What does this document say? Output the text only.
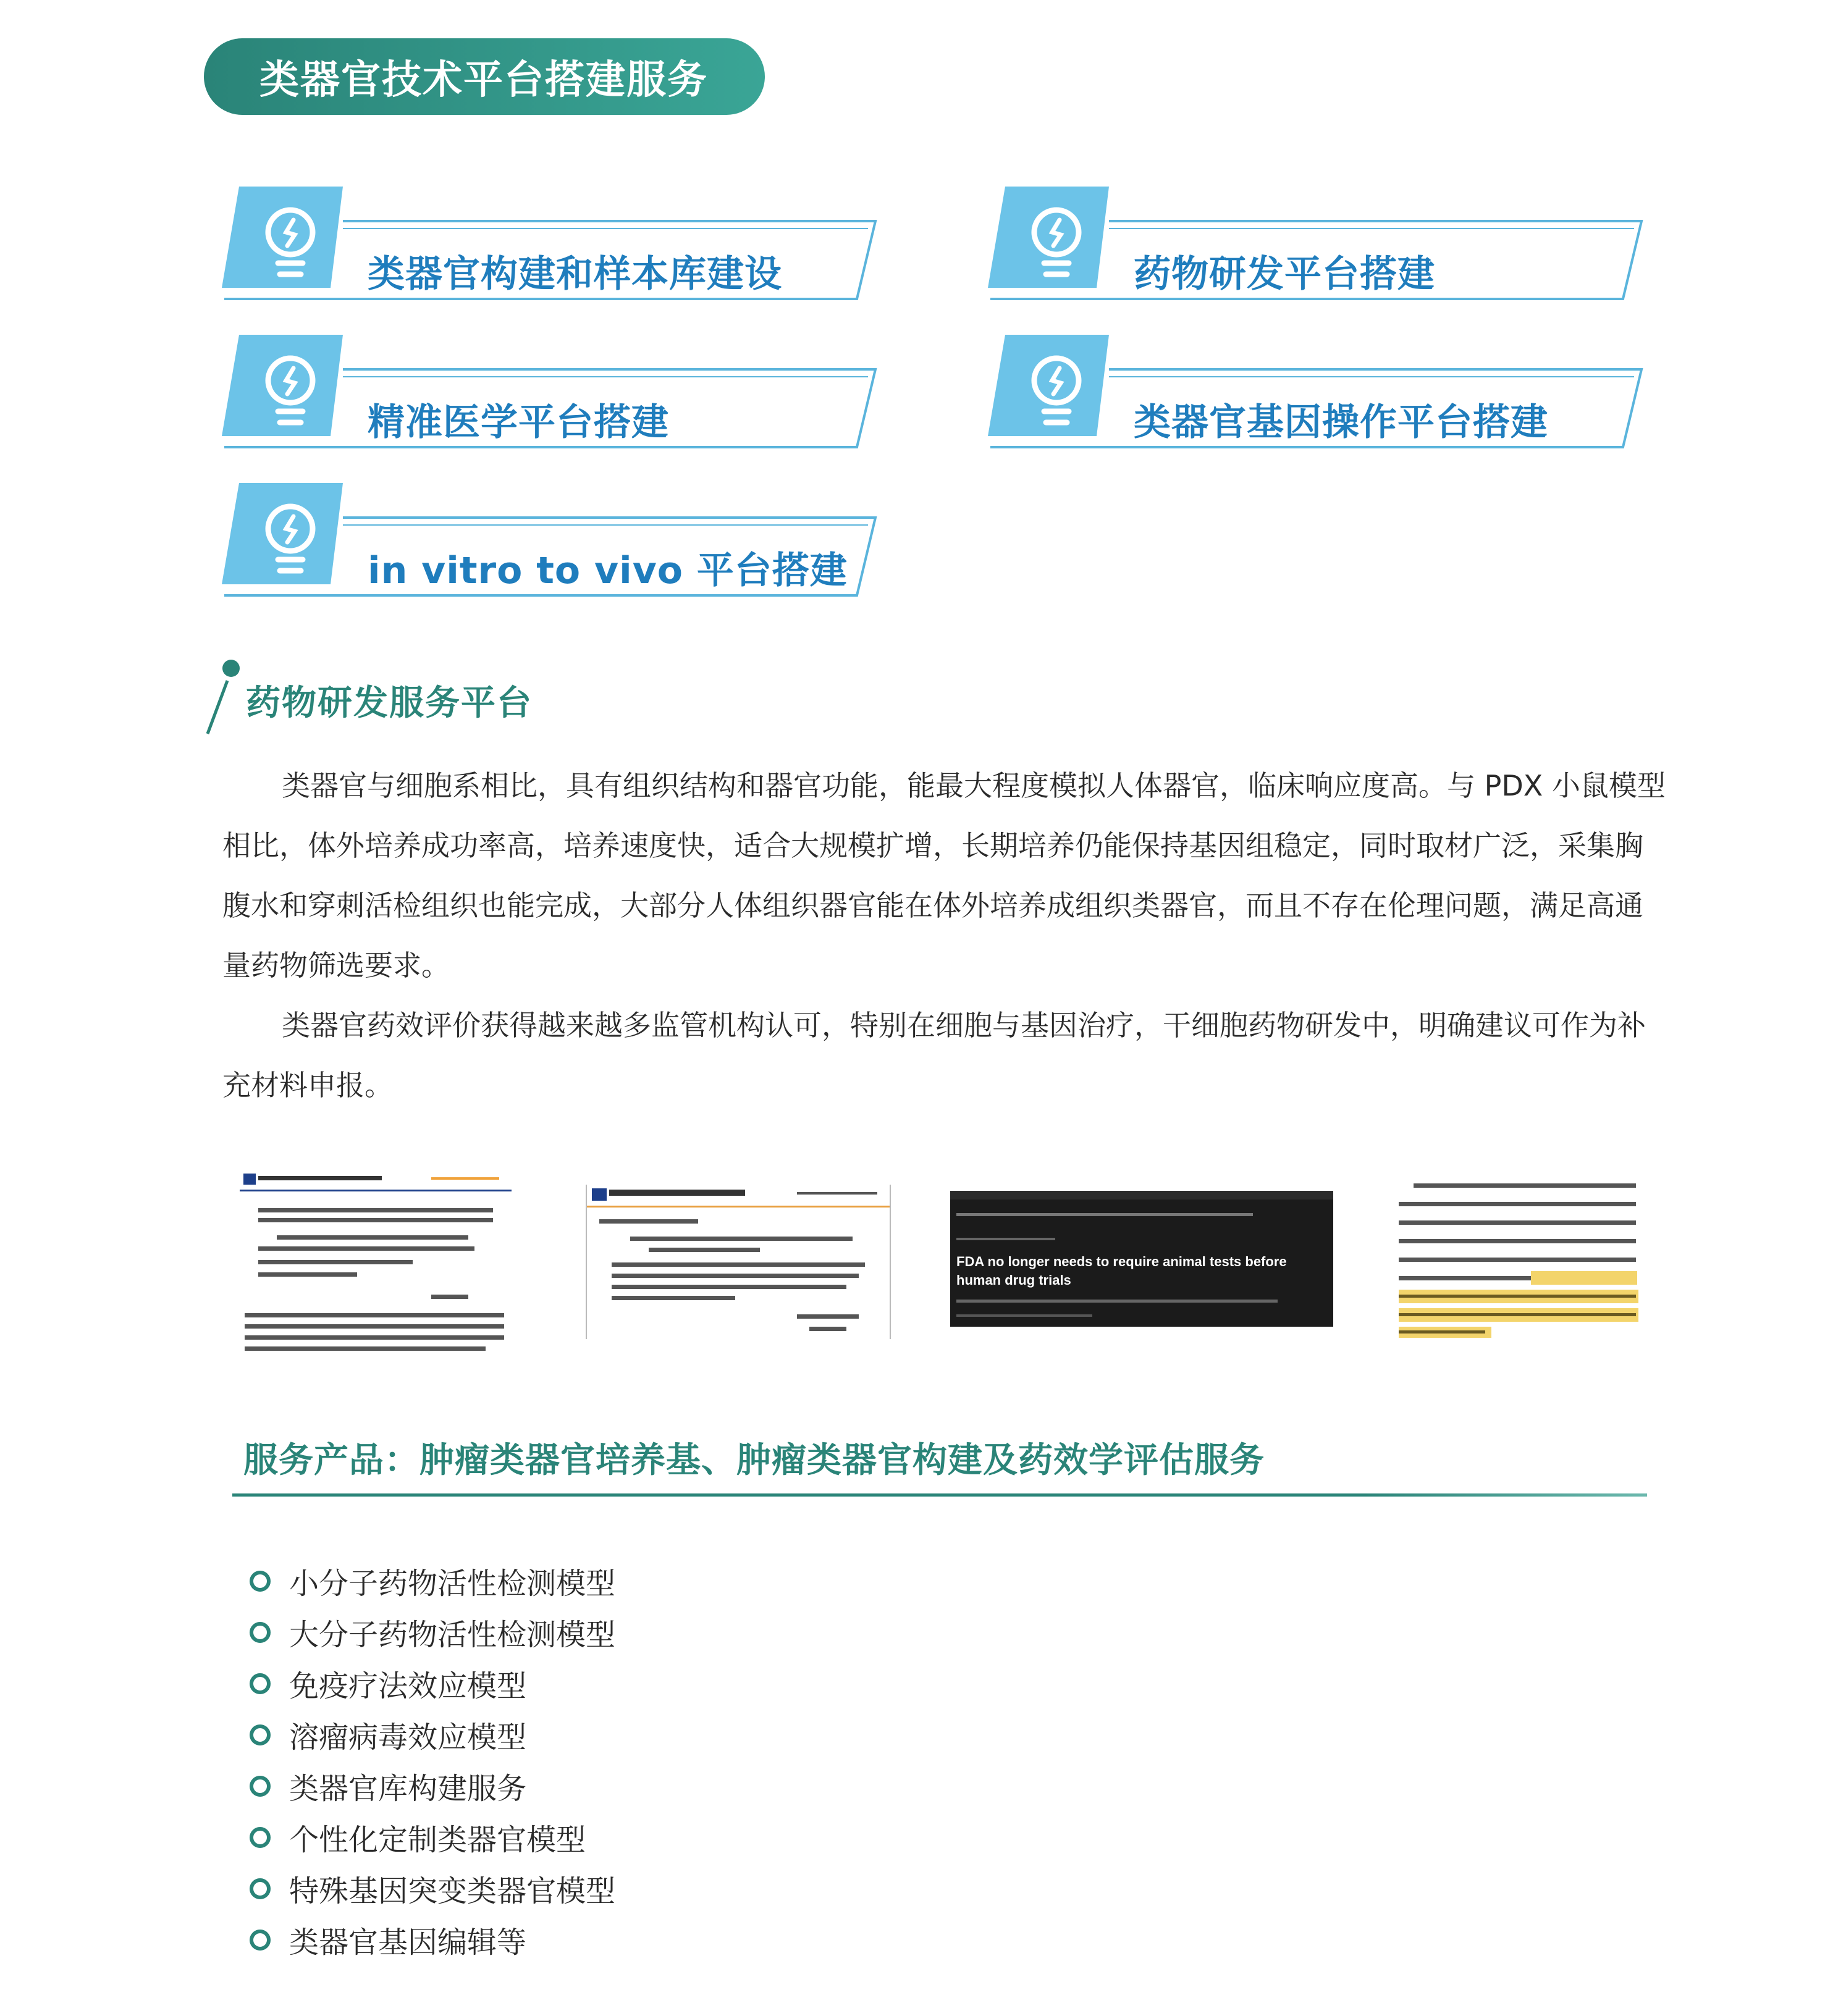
类器官技术平台搭建服务
类器官构建和样本库建设	药物研发平台搭建
精准医学平台搭建	类器官基因操作平台搭建
in vitro to vivo 平台搭建
药物研发服务平台

类器官与细胞系相比，具有组织结构和器官功能，能最大程度模拟人体器官，临床响应度高。与 PDX 小鼠模型相比，体外培养成功率高，培养速度快，适合大规模扩增，长期培养仍能保持基因组稳定，同时取材广泛，采集胸腹水和穿刺活检组织也能完成，大部分人体组织器官能在体外培养成组织类器官，而且不存在伦理问题，满足高通量药物筛选要求。

类器官药效评价获得越来越多监管机构认可，特别在细胞与基因治疗，干细胞药物研发中，明确建议可作为补充材料申报。

FDA no longer needs to require animal tests before human drug trials
服务产品：肿瘤类器官培养基、肿瘤类器官构建及药效学评估服务
小分子药物活性检测模型
大分子药物活性检测模型
免疫疗法效应模型
溶瘤病毒效应模型
类器官库构建服务
个性化定制类器官模型
特殊基因突变类器官模型
类器官基因编辑等
